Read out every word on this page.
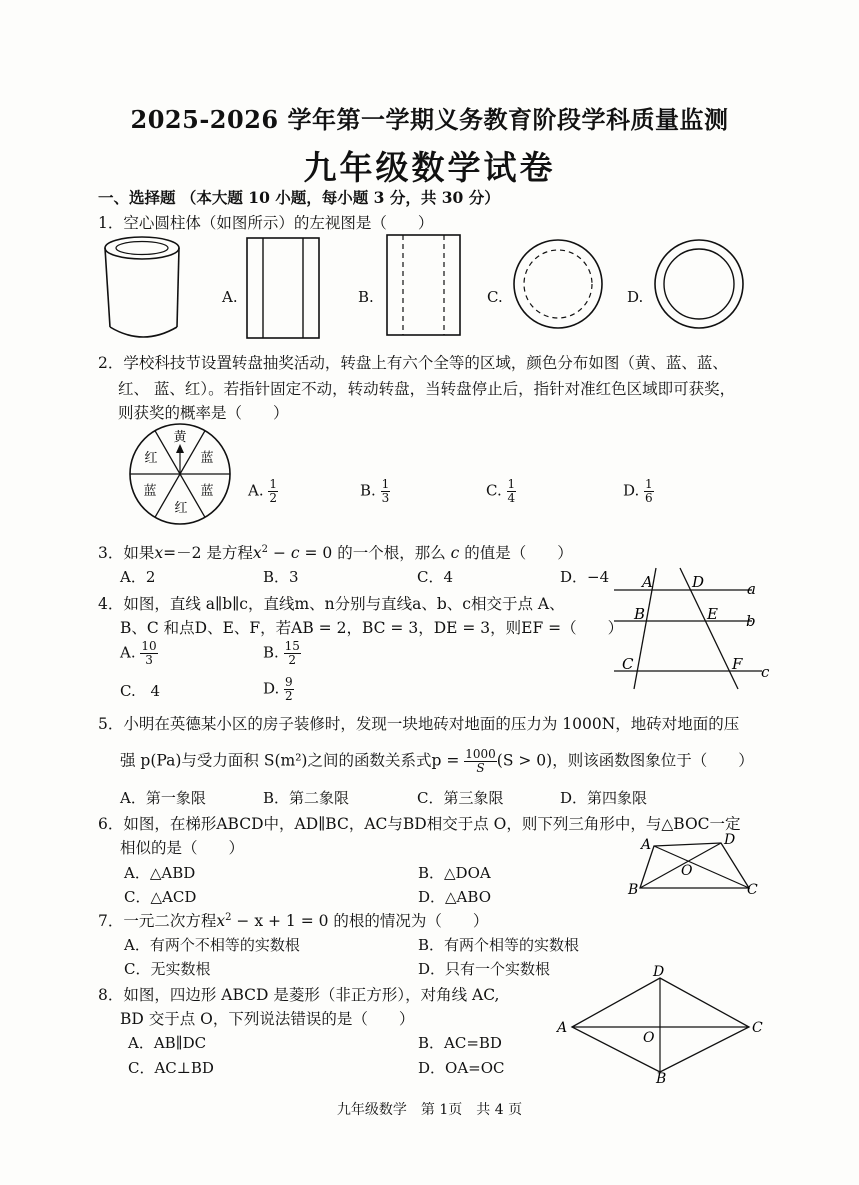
2025-2026 学年第一学期义务教育阶段学科质量监测
九年级数学试卷
一、选择题 （本大题 10 小题，每小题 3 分，共 30 分）
1．空心圆柱体（如图所示）的左视图是（　　）
A.	B.	C.	D.
2．学校科技节设置转盘抽奖活动，转盘上有六个全等的区域，颜色分布如图（黄、蓝、蓝、
红、 蓝、红）。若指针固定不动，转动转盘，当转盘停止后，指针对准红色区域即可获奖，
则获奖的概率是（　　）
黄
蓝
蓝
红
蓝
红
A. $\frac{1}{2}$	B. $\frac{1}{3}$	C. $\frac{1}{4}$	D. $\frac{1}{6}$
3．如果x=－2 是方程$x^2 - c = 0$ 的一个根，那么 c 的值是（　　）
A．2	B．3	C．4	D．−4
4．如图，直线 a∥b∥c，直线m、n分别与直线a、b、c相交于点 A、
B、C 和点D、E、F，若AB = 2，BC = 3，DE = 3，则EF =（　　）
A. $\frac{10}{3}$	B. $\frac{15}{2}$
C. 4	D. $\frac{9}{2}$
A	D	a
B	E b
C	F c
5．小明在英德某小区的房子装修时，发现一块地砖对地面的压力为 1000N，地砖对地面的压
强 p(Pa)与受力面积 S(m²)之间的函数关系式$p = \frac{1000}{S} (S > 0)$，则该函数图象位于（　　）
A．第一象限	B．第二象限	C．第三象限	D．第四象限
6．如图，在梯形ABCD中，AD∥BC，AC与BD相交于点 O，则下列三角形中，与△BOC一定
相似的是（　　）
A．△ABD	B．△DOA
C．△ACD	D．△ABO
A	D
O
B	C
7．一元二次方程$x^2 - x + 1 = 0$ 的根的情况为（　　）
A．有两个不相等的实数根	B．有两个相等的实数根
C．无实数根	D．只有一个实数根
8．如图，四边形 ABCD 是菱形（非正方形），对角线 AC,
BD 交于点 O，下列说法错误的是（　　）
A．AB∥DC	B．AC=BD
C．AC⊥BD	D．OA=OC
D
A
O
C
B
九年级数学　第 1页　共 4 页
